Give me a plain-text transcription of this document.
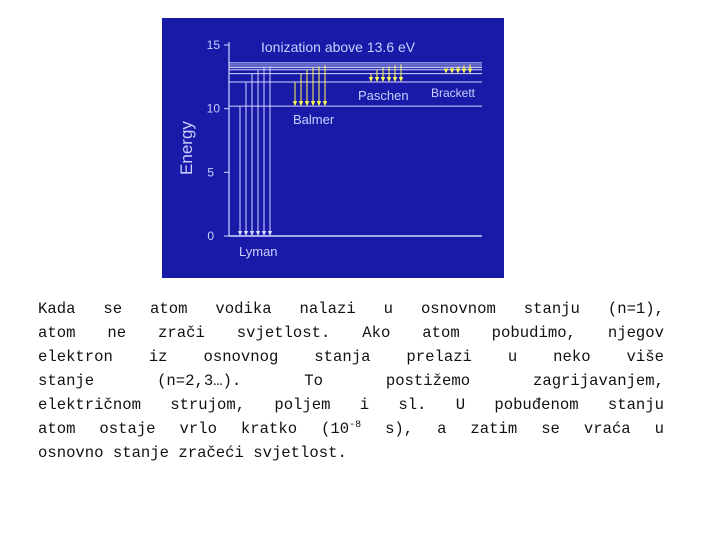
Energy
0
5
10
15	Ionization above 13.6 eV
Lyman
Balmer
Paschen Brackett
Kada se atom vodika nalazi u osnovnom stanju (n=1),
atom ne zrači svjetlost. Ako atom pobudimo, njegov
elektron iz osnovnog stanja prelazi u neko više
stanje (n=2,3…). To postižemo zagrijavanjem,
električnom strujom, poljem i sl. U pobuđenom stanju
atom ostaje vrlo kratko ($10^{-8}$ s), a zatim se vraća u
osnovno stanje zračeći svjetlost.
